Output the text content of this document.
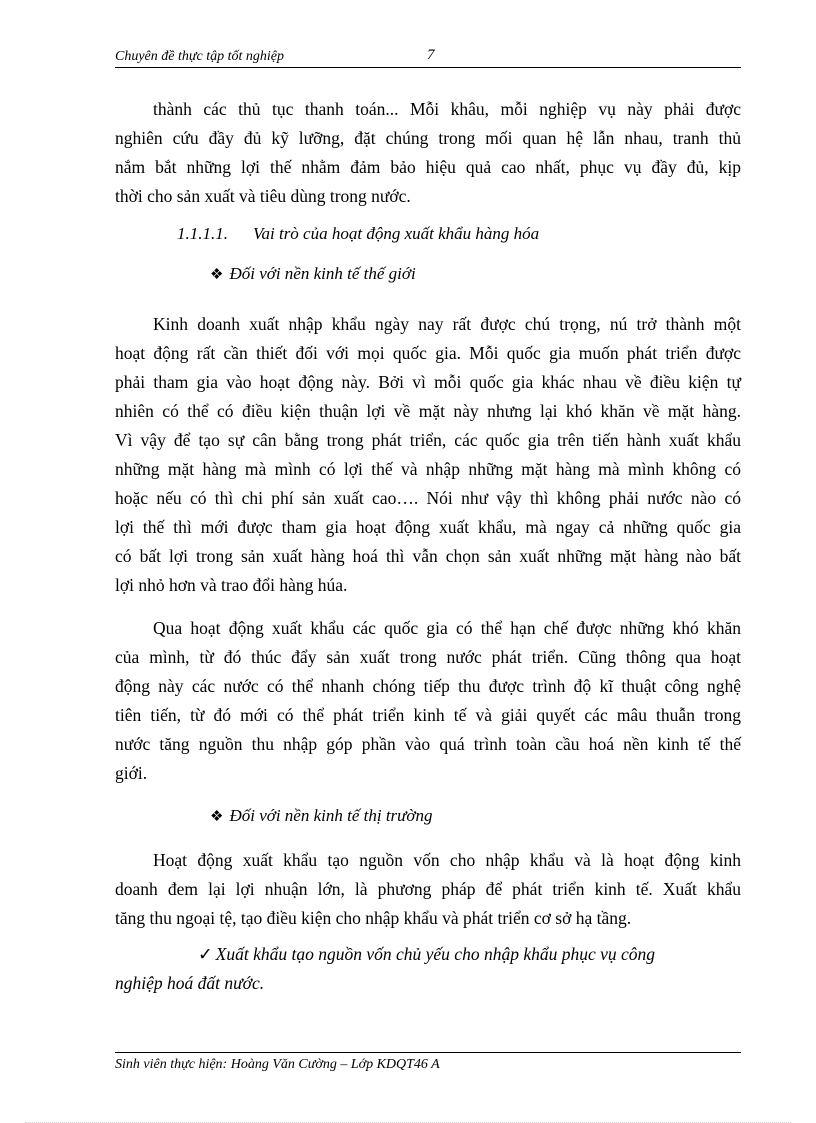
Chuyên đề thực tập tốt nghiệp	7
thành các thủ tục thanh toán... Mỗi khâu, mỗi nghiệp vụ này phải được
nghiên cứu đầy đủ kỹ lưỡng, đặt chúng trong mối quan hệ lẫn nhau, tranh thủ
nắm bắt những lợi thế nhằm đảm bảo hiệu quả cao nhất, phục vụ đầy đủ, kịp
thời cho sản xuất và tiêu dùng trong nước.
1.1.1.1. Vai trò của hoạt động xuất khẩu hàng hóa
❖ Đối với nền kinh tế thế giới
Kinh doanh xuất nhập khẩu ngày nay rất được chú trọng, nú trở thành một
hoạt động rất cần thiết đối với mọi quốc gia. Mỗi quốc gia muốn phát triển được
phải tham gia vào hoạt động này. Bởi vì mỗi quốc gia khác nhau về điều kiện tự
nhiên có thể có điều kiện thuận lợi về mặt này nhưng lại khó khăn về mặt hàng.
Vì vậy để tạo sự cân bằng trong phát triển, các quốc gia trên tiến hành xuất khẩu
những mặt hàng mà mình có lợi thế và nhập những mặt hàng mà mình không có
hoặc nếu có thì chi phí sản xuất cao…. Nói như vậy thì không phải nước nào có
lợi thế thì mới được tham gia hoạt động xuất khẩu, mà ngay cả những quốc gia
có bất lợi trong sản xuất hàng hoá thì vẫn chọn sản xuất những mặt hàng nào bất
lợi nhỏ hơn và trao đổi hàng húa.
Qua hoạt động xuất khẩu các quốc gia có thể hạn chế được những khó khăn
của mình, từ đó thúc đẩy sản xuất trong nước phát triển. Cũng thông qua hoạt
động này các nước có thể nhanh chóng tiếp thu được trình độ kĩ thuật công nghệ
tiên tiến, từ đó mới có thể phát triển kinh tế và giải quyết các mâu thuẫn trong
nước tăng nguồn thu nhập góp phần vào quá trình toàn cầu hoá nền kinh tế thế
giới.
❖ Đối với nền kinh tế thị trường
Hoạt động xuất khẩu tạo nguồn vốn cho nhập khẩu và là hoạt động kinh
doanh đem lại lợi nhuận lớn, là phương pháp để phát triển kinh tế. Xuất khẩu
tăng thu ngoại tệ, tạo điều kiện cho nhập khẩu và phát triển cơ sở hạ tầng.
✓ Xuất khẩu tạo nguồn vốn chủ yếu cho nhập khẩu phục vụ công
nghiệp hoá đất nước.
Sinh viên thực hiện: Hoàng Văn Cường – Lớp KDQT46 A
